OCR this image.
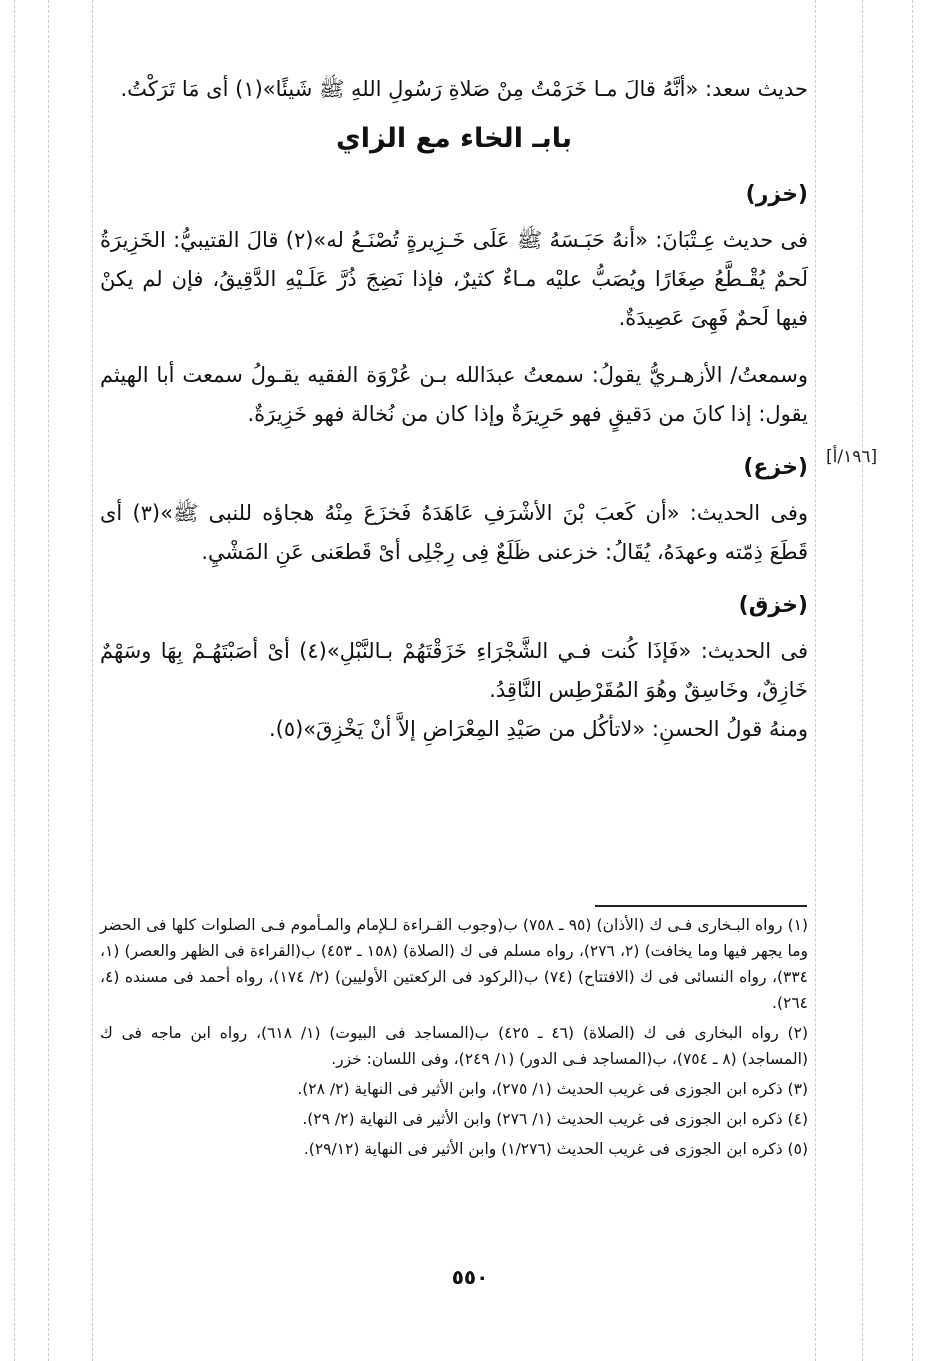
حديث سعد: «أنَّهُ قالَ مـا خَرَمْتُ مِنْ صَلاةِ رَسُولِ اللهِ ﷺ شَيئًا»(١) أى مَا تَرَكْتُ.

بابـ الخاء مع الزاي
(خزر)

فى حديث عِـتْبَانَ: «أنهُ حَبَـسَهُ ﷺ عَلَى خَـزِيرةٍ تُصْنَـعُ له»(٢) قالَ القتيبيُّ: الخَزِيرَةُ لَحمٌ يُقْـطَّعُ صِغَارًا ويُصَبُّ عليْه مـاءٌ كثيرٌ، فإذا نَضِجَ ذُرَّ عَلَـيْهِ الدَّقِيقُ، فإن لم يكنْ فيها لَحمٌ فَهِىَ عَصِيدَةٌ.

وسمعتُ/ الأزهـريُّ يقولُ: سمعتُ عبدَالله بـن عُرْوَة الفقيه يقـولُ سمعت أبا الهيثم يقول: إذا كانَ من دَقيقٍ فهو حَرِيرَةٌ وإذا كان من نُخالة فهو خَزِيرَةٌ.

(خزع)

وفى الحديث: «أن كَعبَ بْنَ الأشْرَفِ عَاهَدَهُ فَخزَعَ مِنْهُ هجاؤه للنبى ﷺ»(٣) أى قَطَعَ ذِمّته وعهدَهُ، يُقَالُ: خزعنى ظَلَعٌ فِى رِجْلِى أىْ قَطعَنى عَنِ المَشْيِ.

(خزق)

فى الحديث: «فَإذَا كُنت فـي الشَّجْرَاءِ خَزَقْتَهُمْ بـالنَّبْلِ»(٤) أىْ أصَبْتَهُـمْ بِهَا وسَهْمٌ خَازِقٌ، وخَاسِقٌ وهُوَ المُقَرْطِس النَّاقِدُ.

ومنهُ قولُ الحسنِ: «لاتأكُل من صَيْدِ المِعْرَاضِ إلاَّ أنْ يَخْزِقَ»(٥).

[١٩٦/أ]

(١) رواه البـخارى فـى ك (الأذان) (٩٥ ـ ٧٥٨) ب(وجوب القـراءة لـلإمام والمـأموم فـى الصلوات كلها فى الحضر وما يجهر فيها وما يخافت) (٢، ٢٧٦)، رواه مسلم فى ك (الصلاة) (١٥٨ ـ ٤٥٣) ب(القراءة فى الظهر والعصر) (١، ٣٣٤)، رواه النسائى فى ك (الافتتاح) (٧٤) ب(الركود فى الركعتين الأوليين) (٢/ ١٧٤)، رواه أحمد فى مسنده (٤، ٢٦٤).

(٢) رواه البخارى فى ك (الصلاة) (٤٦ ـ ٤٢٥) ب(المساجد فى البيوت) (١/ ٦١٨)، رواه ابن ماجه فى ك (المساجد) (٨ ـ ٧٥٤)، ب(المساجد فـى الدور) (١/ ٢٤٩)، وفى اللسان: خزر.

(٣) ذكره ابن الجوزى فى غريب الحديث (١/ ٢٧٥)، وابن الأثير فى النهاية (٢/ ٢٨).

(٤) ذكره ابن الجوزى فى غريب الحديث (١/ ٢٧٦) وابن الأثير فى النهاية (٢/ ٢٩).

(٥) ذكره ابن الجوزى فى غريب الحديث (١/٢٧٦) وابن الأثير فى النهاية (٢٩/١٢).

٥٥٠
